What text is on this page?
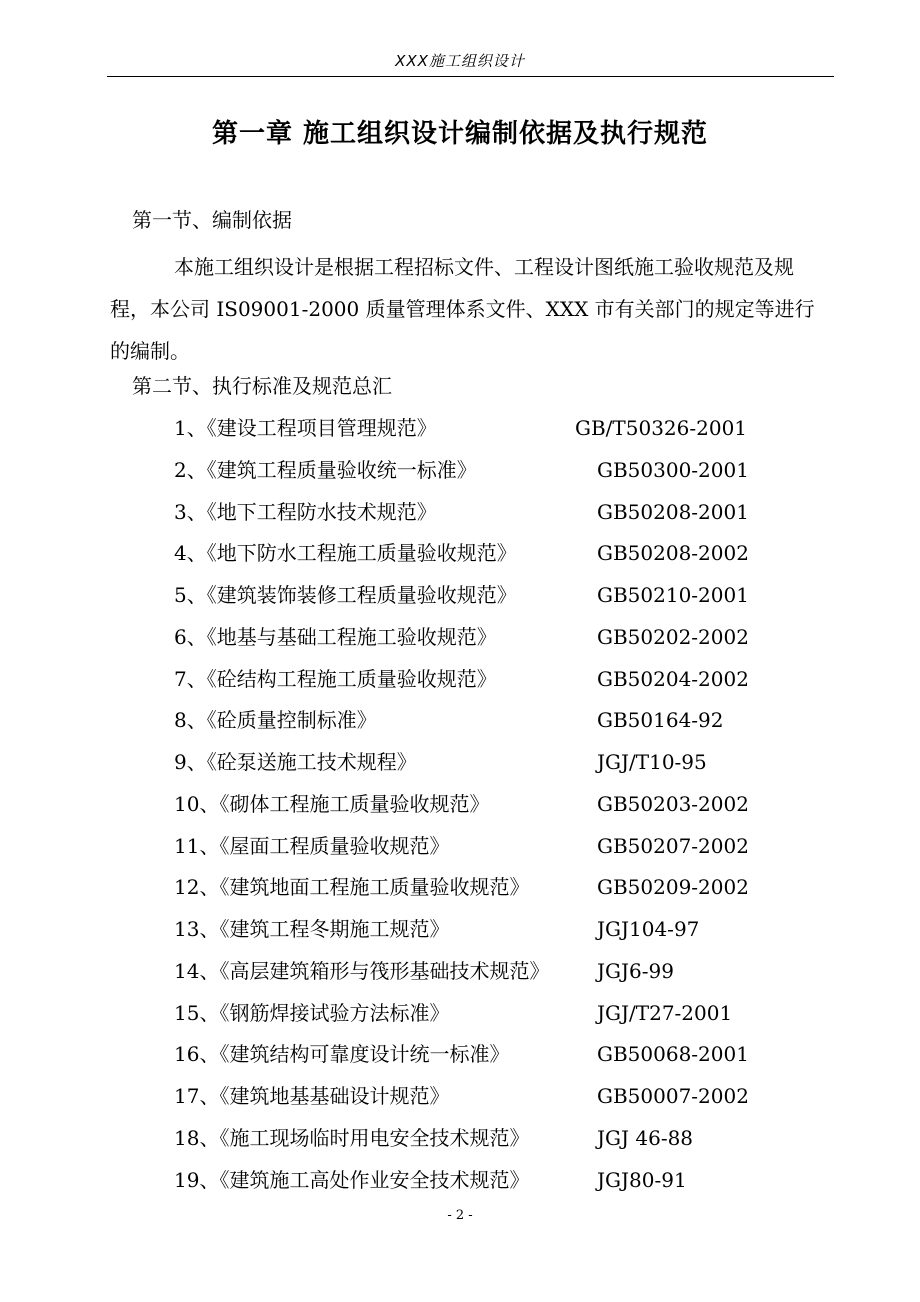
XXX施工组织设计
第一章 施工组织设计编制依据及执行规范
第一节、编制依据
本施工组织设计是根据工程招标文件、工程设计图纸施工验收规范及规程，本公司 IS09001-2000 质量管理体系文件、XXX 市有关部门的规定等进行的编制。
第二节、执行标准及规范总汇
1、《建设工程项目管理规范》	GB/T50326-2001
2、《建筑工程质量验收统一标准》	GB50300-2001
3、《地下工程防水技术规范》	GB50208-2001
4、《地下防水工程施工质量验收规范》	GB50208-2002
5、《建筑装饰装修工程质量验收规范》	GB50210-2001
6、《地基与基础工程施工验收规范》	GB50202-2002
7、《砼结构工程施工质量验收规范》	GB50204-2002
8、《砼质量控制标准》	GB50164-92
9、《砼泵送施工技术规程》	JGJ/T10-95
10、《砌体工程施工质量验收规范》	GB50203-2002
11、《屋面工程质量验收规范》	GB50207-2002
12、《建筑地面工程施工质量验收规范》	GB50209-2002
13、《建筑工程冬期施工规范》	JGJ104-97
14、《高层建筑箱形与筏形基础技术规范》 JGJ6-99
15、《钢筋焊接试验方法标准》	JGJ/T27-2001
16、《建筑结构可靠度设计统一标准》	GB50068-2001
17、《建筑地基基础设计规范》	GB50007-2002
18、《施工现场临时用电安全技术规范》	JGJ 46-88
19、《建筑施工高处作业安全技术规范》	JGJ80-91
- 2 -
